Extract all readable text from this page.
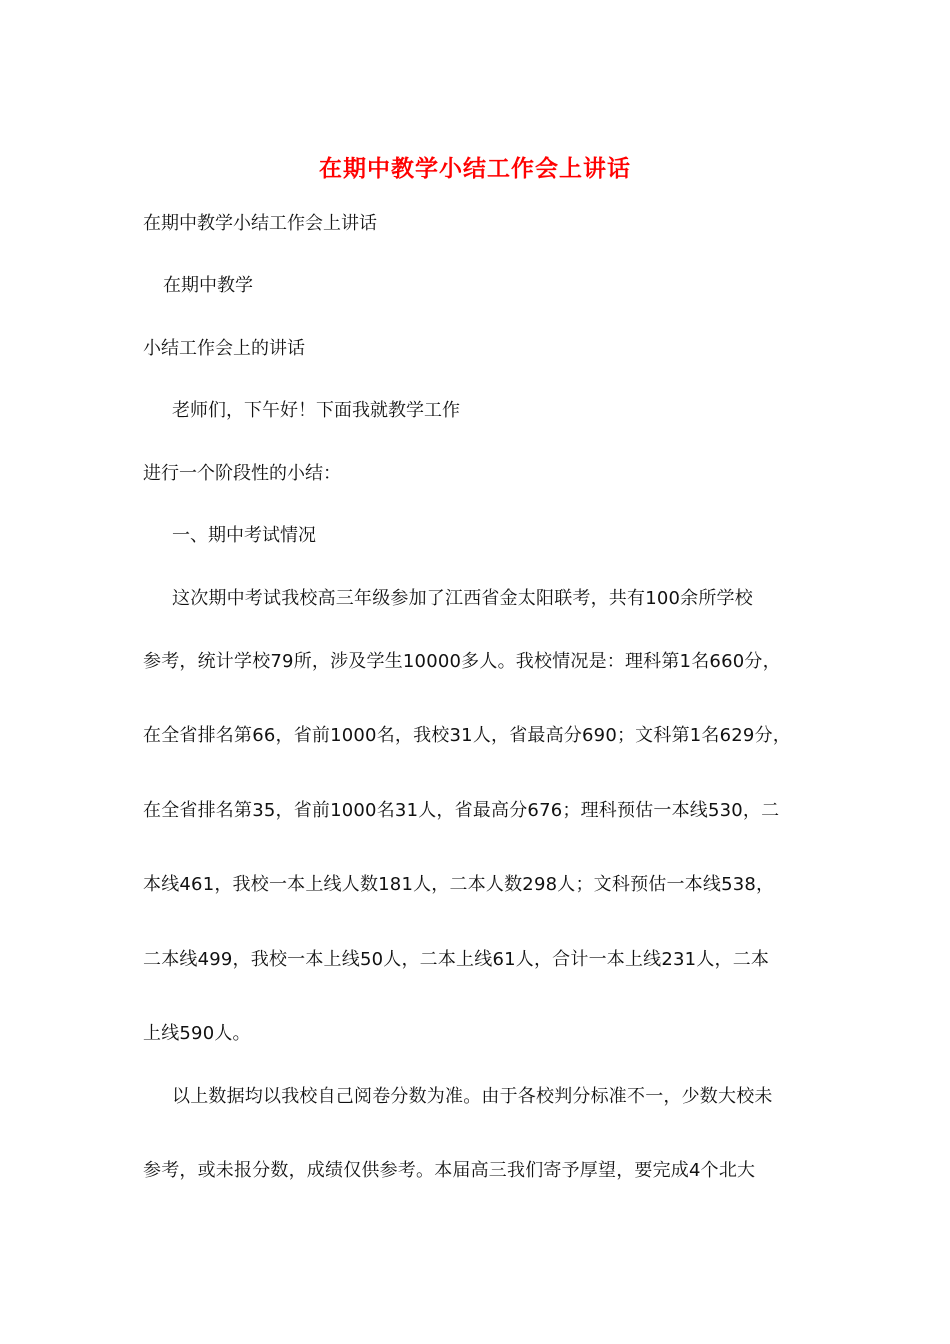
在期中教学小结工作会上讲话
在期中教学小结工作会上讲话
在期中教学
小结工作会上的讲话
老师们，下午好！下面我就教学工作
进行一个阶段性的小结：
一、期中考试情况
这次期中考试我校高三年级参加了江西省金太阳联考，共有100余所学校
参考，统计学校79所，涉及学生10000多人。我校情况是：理科第1名660分，
在全省排名第66，省前1000名，我校31人，省最高分690；文科第1名629分，
在全省排名第35，省前1000名31人，省最高分676；理科预估一本线530，二
本线461，我校一本上线人数181人，二本人数298人；文科预估一本线538，
二本线499，我校一本上线50人，二本上线61人，合计一本上线231人，二本
上线590人。
以上数据均以我校自己阅卷分数为准。由于各校判分标准不一，少数大校未
参考，或未报分数，成绩仅供参考。本届高三我们寄予厚望，要完成4个北大
